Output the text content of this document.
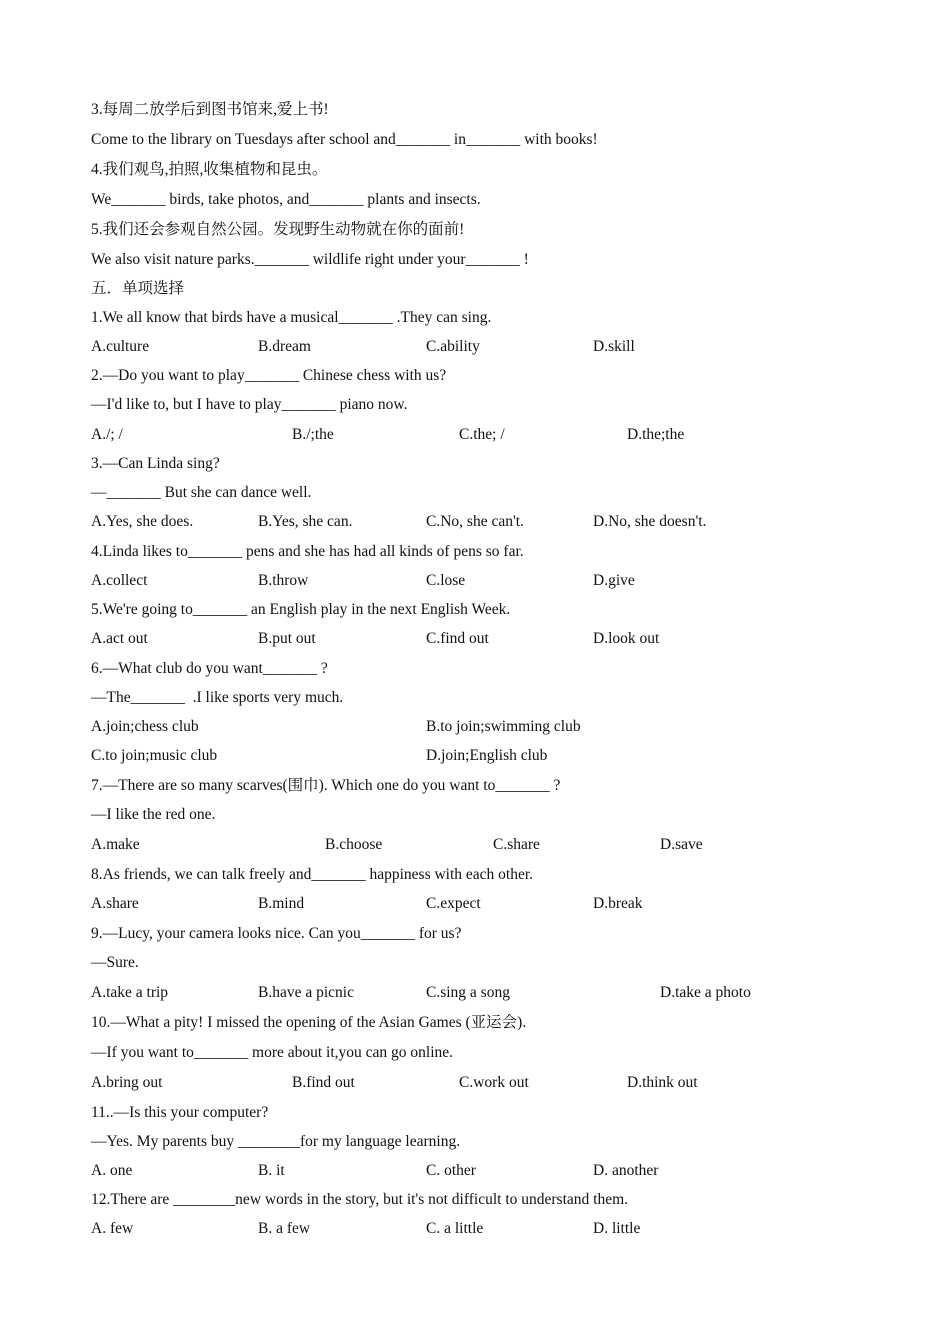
3.每周二放学后到图书馆来,爱上书!
Come to the library on Tuesdays after school and_______ in_______ with books!
4.我们观鸟,拍照,收集植物和昆虫。
We_______ birds, take photos, and_______ plants and insects.
5.我们还会参观自然公园。发现野生动物就在你的面前!
We also visit nature parks._______ wildlife right under your_______ !
五．单项选择
1.We all know that birds have a musical_______ .They can sing.

A.culture

	B.dream

	C.ability

	D.skill

2.—Do you want to play_______ Chinese chess with us?
—I'd like to, but I have to play_______ piano now.

A./; /

	B./;the

	C.the; /

	D.the;the

3.—Can Linda sing?
—_______ But she can dance well.

A.Yes, she does.

	B.Yes, she can.

	C.No, she can't.

	D.No, she doesn't.

4.Linda likes to_______ pens and she has had all kinds of pens so far.

A.collect

	B.throw

	C.lose

	D.give

5.We're going to_______ an English play in the next English Week.

A.act out

	B.put out

	C.find out

	D.look out

6.—What club do you want_______ ?
—The_______  .I like sports very much.

A.join;chess club

	B.to join;swimming club

C.to join;music club

	D.join;English club

7.—There are so many scarves(围巾). Which one do you want to_______ ?
—I like the red one.

A.make

	B.choose

	C.share

	D.save

8.As friends, we can talk freely and_______ happiness with each other.

A.share

	B.mind

	C.expect

	D.break

9.—Lucy, your camera looks nice. Can you_______ for us?
—Sure.

A.take a trip

	B.have a picnic

	C.sing a song

	D.take a photo

10.—What a pity! I missed the opening of the Asian Games (亚运会).
—If you want to_______ more about it,you can go online.

A.bring out

	B.find out

	C.work out

	D.think out

11..—Is this your computer?
—Yes. My parents buy ________for my language learning.

A. one

	B. it

	C. other

	D. another

12.There are ________new words in the story, but it's not difficult to understand them.

A. few

	B. a few

	C. a little

	D. little
